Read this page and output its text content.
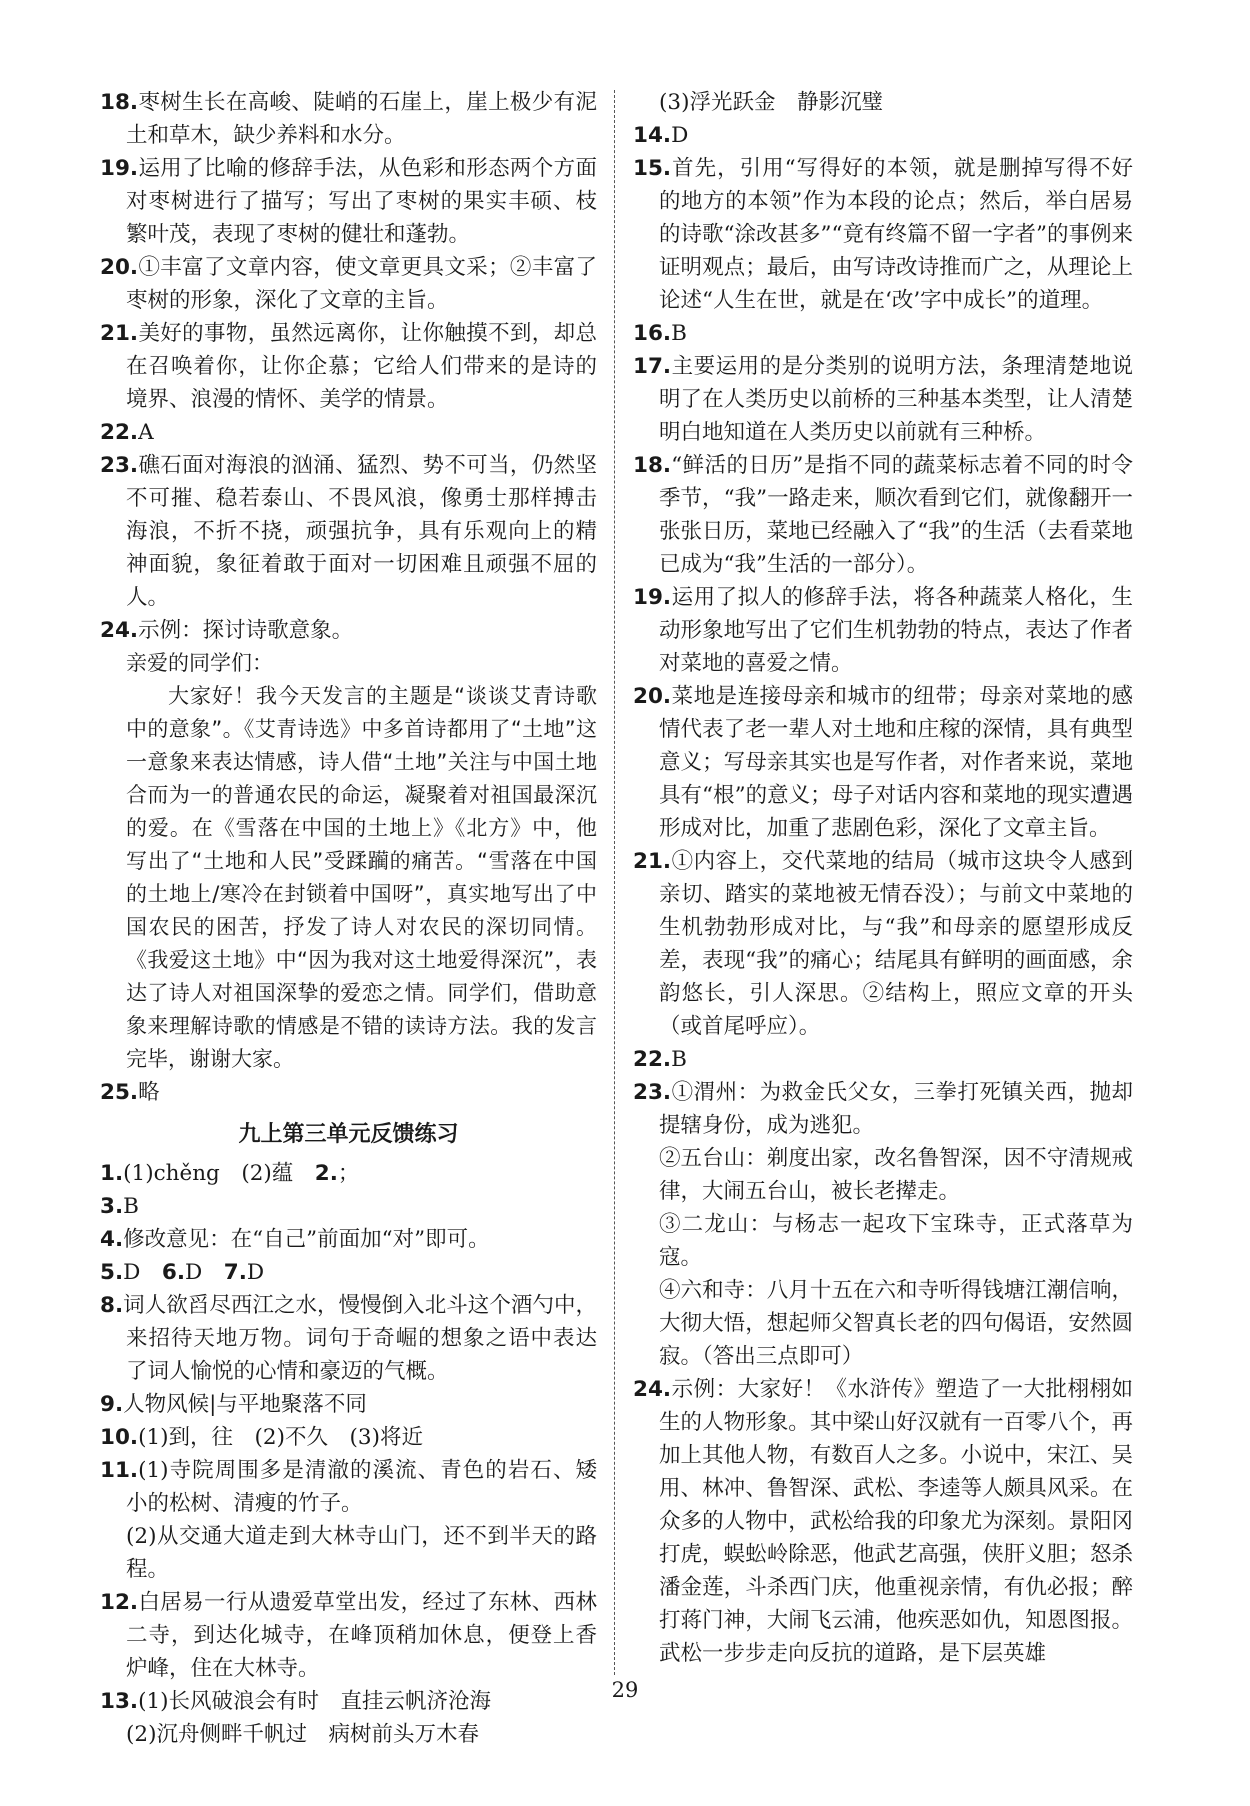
18.枣树生长在高峻、陡峭的石崖上，崖上极少有泥土和草木，缺少养料和水分。

19.运用了比喻的修辞手法，从色彩和形态两个方面对枣树进行了描写；写出了枣树的果实丰硕、枝繁叶茂，表现了枣树的健壮和蓬勃。

20.①丰富了文章内容，使文章更具文采；②丰富了枣树的形象，深化了文章的主旨。

21.美好的事物，虽然远离你，让你触摸不到，却总在召唤着你，让你企慕；它给人们带来的是诗的境界、浪漫的情怀、美学的情景。

22.A

23.礁石面对海浪的汹涌、猛烈、势不可当，仍然坚不可摧、稳若泰山、不畏风浪，像勇士那样搏击海浪，不折不挠，顽强抗争，具有乐观向上的精神面貌，象征着敢于面对一切困难且顽强不屈的人。

24.示例：探讨诗歌意象。

亲爱的同学们：

大家好！我今天发言的主题是“谈谈艾青诗歌中的意象”。《艾青诗选》中多首诗都用了“土地”这一意象来表达情感，诗人借“土地”关注与中国土地合而为一的普通农民的命运，凝聚着对祖国最深沉的爱。在《雪落在中国的土地上》《北方》中，他写出了“土地和人民”受蹂躏的痛苦。“雪落在中国的土地上/寒冷在封锁着中国呀”，真实地写出了中国农民的困苦，抒发了诗人对农民的深切同情。《我爱这土地》中“因为我对这土地爱得深沉”，表达了诗人对祖国深挚的爱恋之情。同学们，借助意象来理解诗歌的情感是不错的读诗方法。我的发言完毕，谢谢大家。

25.略

九上第三单元反馈练习

1.(1)chěng　(2)蕴　2.；

3.B

4.修改意见：在“自己”前面加“对”即可。

5.D　6.D　7.D

8.词人欲舀尽西江之水，慢慢倒入北斗这个酒勺中，来招待天地万物。词句于奇崛的想象之语中表达了词人愉悦的心情和豪迈的气概。

9.人物风候|与平地聚落不同

10.(1)到，往　(2)不久　(3)将近

11.(1)寺院周围多是清澈的溪流、青色的岩石、矮小的松树、清瘦的竹子。

(2)从交通大道走到大林寺山门，还不到半天的路程。

12.白居易一行从遗爱草堂出发，经过了东林、西林二寺，到达化城寺，在峰顶稍加休息，便登上香炉峰，住在大林寺。

13.(1)长风破浪会有时　直挂云帆济沧海

(2)沉舟侧畔千帆过　病树前头万木春

(3)浮光跃金　静影沉璧

14.D

15.首先，引用“写得好的本领，就是删掉写得不好的地方的本领”作为本段的论点；然后，举白居易的诗歌“涂改甚多”“竟有终篇不留一字者”的事例来证明观点；最后，由写诗改诗推而广之，从理论上论述“人生在世，就是在‘改’字中成长”的道理。

16.B

17.主要运用的是分类别的说明方法，条理清楚地说明了在人类历史以前桥的三种基本类型，让人清楚明白地知道在人类历史以前就有三种桥。

18.“鲜活的日历”是指不同的蔬菜标志着不同的时令季节，“我”一路走来，顺次看到它们，就像翻开一张张日历，菜地已经融入了“我”的生活（去看菜地已成为“我”生活的一部分）。

19.运用了拟人的修辞手法，将各种蔬菜人格化，生动形象地写出了它们生机勃勃的特点，表达了作者对菜地的喜爱之情。

20.菜地是连接母亲和城市的纽带；母亲对菜地的感情代表了老一辈人对土地和庄稼的深情，具有典型意义；写母亲其实也是写作者，对作者来说，菜地具有“根”的意义；母子对话内容和菜地的现实遭遇形成对比，加重了悲剧色彩，深化了文章主旨。

21.①内容上，交代菜地的结局（城市这块令人感到亲切、踏实的菜地被无情吞没）；与前文中菜地的生机勃勃形成对比，与“我”和母亲的愿望形成反差，表现“我”的痛心；结尾具有鲜明的画面感，余韵悠长，引人深思。②结构上，照应文章的开头（或首尾呼应）。

22.B

23.①渭州：为救金氏父女，三拳打死镇关西，抛却提辖身份，成为逃犯。

②五台山：剃度出家，改名鲁智深，因不守清规戒律，大闹五台山，被长老撵走。

③二龙山：与杨志一起攻下宝珠寺，正式落草为寇。

④六和寺：八月十五在六和寺听得钱塘江潮信响，大彻大悟，想起师父智真长老的四句偈语，安然圆寂。（答出三点即可）

24.示例：大家好！《水浒传》塑造了一大批栩栩如生的人物形象。其中梁山好汉就有一百零八个，再加上其他人物，有数百人之多。小说中，宋江、吴用、林冲、鲁智深、武松、李逵等人颇具风采。在众多的人物中，武松给我的印象尤为深刻。景阳冈打虎，蜈蚣岭除恶，他武艺高强，侠肝义胆；怒杀潘金莲，斗杀西门庆，他重视亲情，有仇必报；醉打蒋门神，大闹飞云浦，他疾恶如仇，知恩图报。武松一步步走向反抗的道路，是下层英雄

29
